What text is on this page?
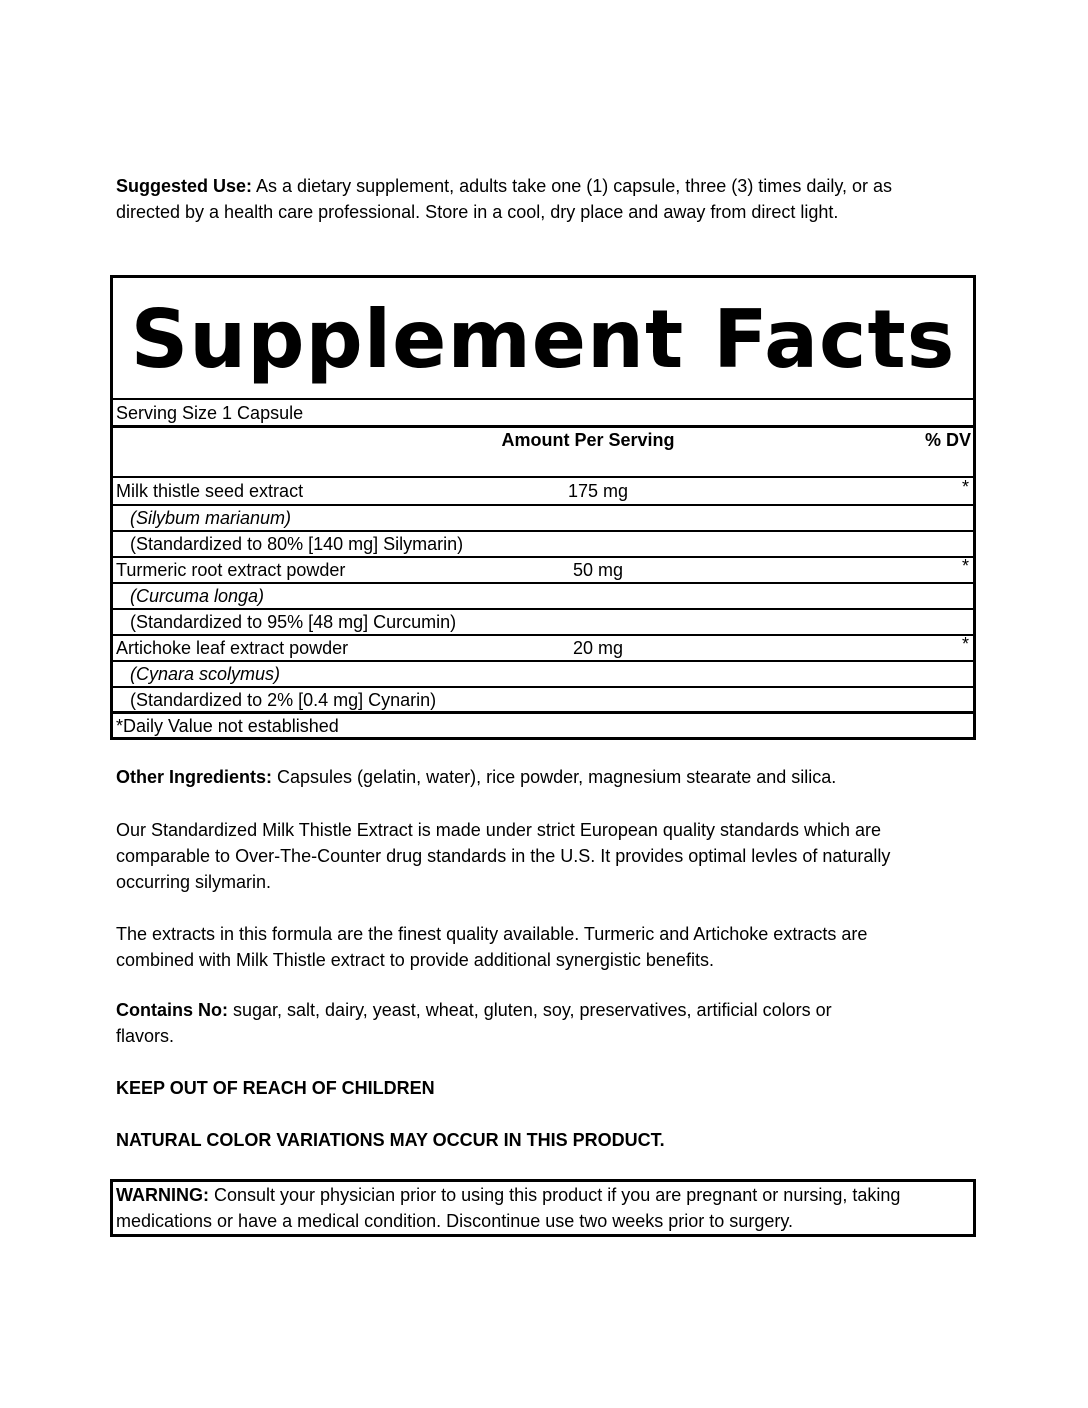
Suggested Use: As a dietary supplement, adults take one (1) capsule, three (3) times daily, or as directed by a health care professional. Store in a cool, dry place and away from direct light.

Supplement Facts
Serving Size 1 Capsule
Amount Per Serving	% DV
Milk thistle seed extract	175 mg	*
(Silybum marianum)
(Standardized to 80% [140 mg] Silymarin)
Turmeric root extract powder	50 mg	*
(Curcuma longa)
(Standardized to 95% [48 mg] Curcumin)
Artichoke leaf extract powder	20 mg	*
(Cynara scolymus)
(Standardized to 2% [0.4 mg] Cynarin)
*Daily Value not established

Other Ingredients: Capsules (gelatin, water), rice powder, magnesium stearate and silica.

Our Standardized Milk Thistle Extract is made under strict European quality standards which are comparable to Over-The-Counter drug standards in the U.S. It provides optimal levles of naturally occurring silymarin.

The extracts in this formula are the finest quality available. Turmeric and Artichoke extracts are combined with Milk Thistle extract to provide additional synergistic benefits.

Contains No: sugar, salt, dairy, yeast, wheat, gluten, soy, preservatives, artificial colors or flavors.

KEEP OUT OF REACH OF CHILDREN

NATURAL COLOR VARIATIONS MAY OCCUR IN THIS PRODUCT.

WARNING: Consult your physician prior to using this product if you are pregnant or nursing, taking medications or have a medical condition. Discontinue use two weeks prior to surgery.
